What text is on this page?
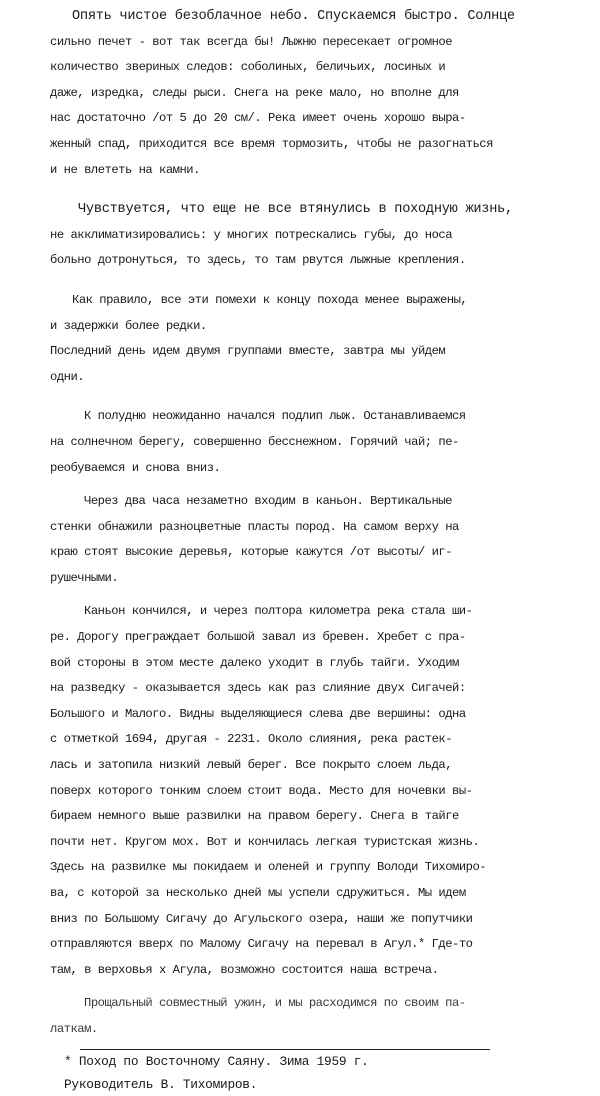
Опять чистое безоблачное небо. Спускаемся быстро. Солнце
сильно печет - вот так всегда бы! Лыжню пересекает огромное
количество звериных следов: соболиных, беличьих, лосиных и
даже, изредка, следы рыси. Снега на реке мало, но вполне для
нас достаточно /от 5 до 20 см/. Река имеет очень хорошо выра-
женный спад, приходится все время тормозить, чтобы не разогнаться
и не влететь на камни.
Чувствуется, что еще не все втянулись в походную жизнь,
не акклиматизировались: у многих потрескались губы, до носа
больно дотронуться, то здесь, то там рвутся лыжные крепления.
Как правило, все эти помехи к концу похода менее выражены,
и задержки более редки.
Последний день идем двумя группами вместе, завтра мы уйдем
одни.
К полудню неожиданно начался подлип лыж. Останавливаемся
на солнечном берегу, совершенно бесснежном. Горячий чай; пе-
реобуваемся и снова вниз.
Через два часа незаметно входим в каньон. Вертикальные
стенки обнажили разноцветные пласты пород. На самом верху на
краю стоят высокие деревья, которые кажутся /от высоты/ иг-
рушечными.
Каньон кончился, и через полтора километра река стала ши-
ре. Дорогу преграждает большой завал из бревен. Хребет с пра-
вой стороны в этом месте далеко уходит в глубь тайги. Уходим
на разведку - оказывается здесь как раз слияние двух Сигачей:
Большого и Малого. Видны выделяющиеся слева две вершины: одна
с отметкой 1694, другая - 2231. Около слияния, река растек-
лась и затопила низкий левый берег. Все покрыто слоем льда,
поверх которого тонким слоем стоит вода. Место для ночевки вы-
бираем немного выше развилки на правом берегу. Снега в тайге
почти нет. Кругом мох. Вот и кончилась легкая туристская жизнь.
Здесь на развилке мы покидаем и оленей и группу Володи Тихомиро-
ва, с которой за несколько дней мы успели сдружиться. Мы идем
вниз по Большому Сигачу до Агульского озера, наши же попутчики
отправляются вверх по Малому Сигачу на перевал в Агул.* Где-то
там, в верховья х Агула, возможно состоится наша встреча.
Прощальный совместный ужин, и мы расходимся по своим па-
латкам.
* Поход по Восточному Саяну. Зима 1959 г.
Руководитель В. Тихомиров.
